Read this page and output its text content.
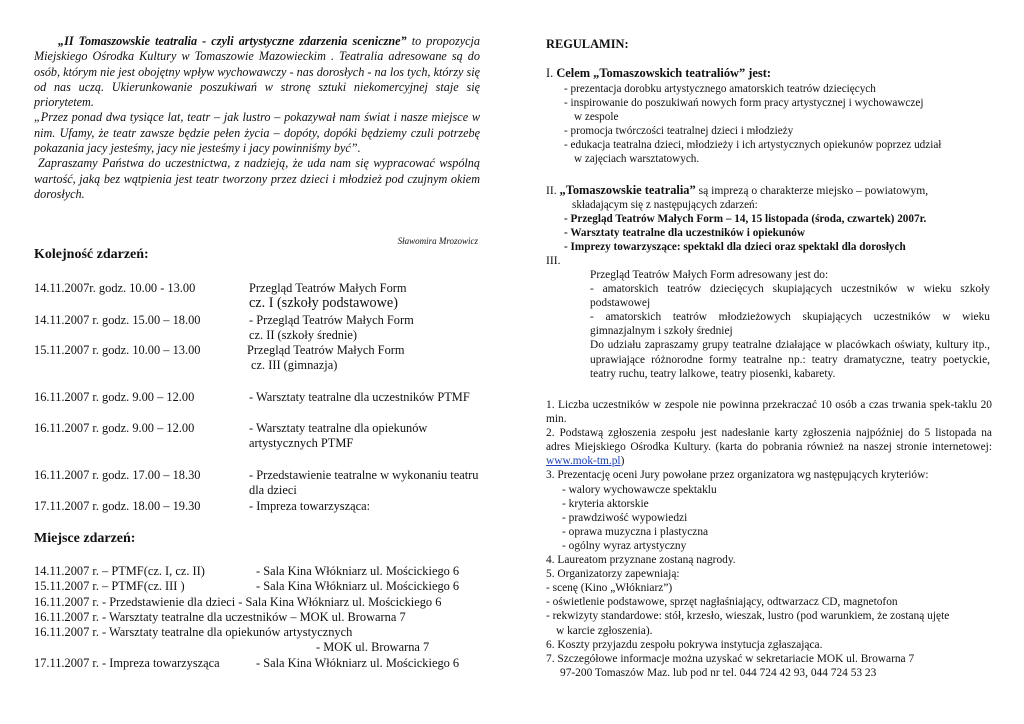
„II Tomaszowskie teatralia - czyli artystyczne zdarzenia sceniczne” to propozycja Miejskiego Ośrodka Kultury w Tomaszowie Mazowieckim . Teatralia adresowane są do osób, którym nie jest obojętny wpływ wychowawczy - nas dorosłych - na los tych, którzy się od nas uczą. Ukierunkowanie poszukiwań w stronę sztuki niekomercyjnej staje się priorytetem.

„Przez ponad dwa tysiące lat, teatr – jak lustro – pokazywał nam świat i nasze miejsce w nim. Ufamy, że teatr zawsze będzie pełen życia – dopóty, dopóki będziemy czuli potrzebę pokazania jacy jesteśmy, jacy nie jesteśmy i jacy powinniśmy być”.

Zapraszamy Państwa do uczestnictwa, z nadzieją, że uda nam się wypracować wspólną wartość, jaką bez wątpienia jest teatr tworzony przez dzieci i młodzież pod czujnym okiem dorosłych.

Sławomira Mrozowicz
Kolejność zdarzeń:
14.11.2007r. godz. 10.00 - 13.00	Przegląd Teatrów Małych Form
cz. I (szkoły podstawowe)
14.11.2007 r. godz. 15.00 – 18.00	- Przegląd Teatrów Małych Form
cz. II (szkoły średnie)
15.11.2007 r. godz. 10.00 – 13.00	Przegląd Teatrów Małych Form
cz. III (gimnazja)
16.11.2007 r. godz. 9.00 – 12.00	- Warsztaty teatralne dla uczestników PTMF
16.11.2007 r. godz. 9.00 – 12.00	- Warsztaty teatralne dla opiekunów artystycznych PTMF
16.11.2007 r. godz. 17.00 – 18.30	- Przedstawienie teatralne w wykonaniu teatru dla dzieci
17.11.2007 r. godz. 18.00 – 19.30	- Impreza towarzysząca:
Miejsce zdarzeń:
14.11.2007 r. – PTMF(cz. I, cz. II)	- Sala Kina Włókniarz ul. Mościckiego 6
15.11.2007 r. – PTMF(cz. III )	- Sala Kina Włókniarz ul. Mościckiego 6
16.11.2007 r. - Przedstawienie dla dzieci - Sala Kina Włókniarz ul. Mościckiego 6
16.11.2007 r. - Warsztaty teatralne dla uczestników – MOK ul. Browarna 7
16.11.2007 r. - Warsztaty teatralne dla opiekunów artystycznych
- MOK ul. Browarna 7
17.11.2007 r. - Impreza towarzysząca	- Sala Kina Włókniarz ul. Mościckiego 6
REGULAMIN:
I. Celem „Tomaszowskich teatraliów” jest:
- prezentacja dorobku artystycznego amatorskich teatrów dziecięcych
- inspirowanie do poszukiwań nowych form pracy artystycznej i wychowawczej
w zespole
- promocja twórczości teatralnej dzieci i młodzieży
- edukacja teatralna dzieci, młodzieży i ich artystycznych opiekunów poprzez udział
w zajęciach warsztatowych.
II. „Tomaszowskie teatralia” są imprezą o charakterze miejsko – powiatowym,
składającym się z następujących zdarzeń:
- Przegląd Teatrów Małych Form – 14, 15 listopada (środa, czwartek) 2007r.
- Warsztaty teatralne dla uczestników i opiekunów
- Imprezy towarzyszące: spektakl dla dzieci oraz spektakl dla dorosłych
III.

Przegląd Teatrów Małych Form adresowany jest do:

- amatorskich teatrów dziecięcych skupiających uczestników w wieku szkoły podstawowej

- amatorskich teatrów młodzieżowych skupiających uczestników w wieku gimnazjalnym i szkoły średniej

Do udziału zapraszamy grupy teatralne działające w placówkach oświaty, kultury itp., uprawiające różnorodne formy teatralne np.: teatry dramatyczne, teatry poetyckie, teatry ruchu, teatry lalkowe, teatry piosenki, kabarety.

1. Liczba uczestników w zespole nie powinna przekraczać 10 osób a czas trwania spek-taklu 20 min.

2. Podstawą zgłoszenia zespołu jest nadesłanie karty zgłoszenia najpóźniej do 5 listopada na adres Miejskiego Ośrodka Kultury. (karta do pobrania również na naszej stronie internetowej: www.mok-tm.pl)

3. Prezentację oceni Jury powołane przez organizatora wg następujących kryteriów:

- walory wychowawcze spektaklu

- kryteria aktorskie

- prawdziwość wypowiedzi

- oprawa muzyczna i plastyczna

- ogólny wyraz artystyczny

4. Laureatom przyznane zostaną nagrody.

5. Organizatorzy zapewniają:

- scenę (Kino „Włókniarz”)

- oświetlenie podstawowe, sprzęt nagłaśniający, odtwarzacz CD, magnetofon

- rekwizyty standardowe: stół, krzesło, wieszak, lustro (pod warunkiem, że zostaną ujęte

w karcie zgłoszenia).

6. Koszty przyjazdu zespołu pokrywa instytucja zgłaszająca.

7. Szczegółowe informacje można uzyskać w sekretariacie MOK ul. Browarna 7

97-200 Tomaszów Maz. lub pod nr tel. 044 724 42 93, 044 724 53 23
